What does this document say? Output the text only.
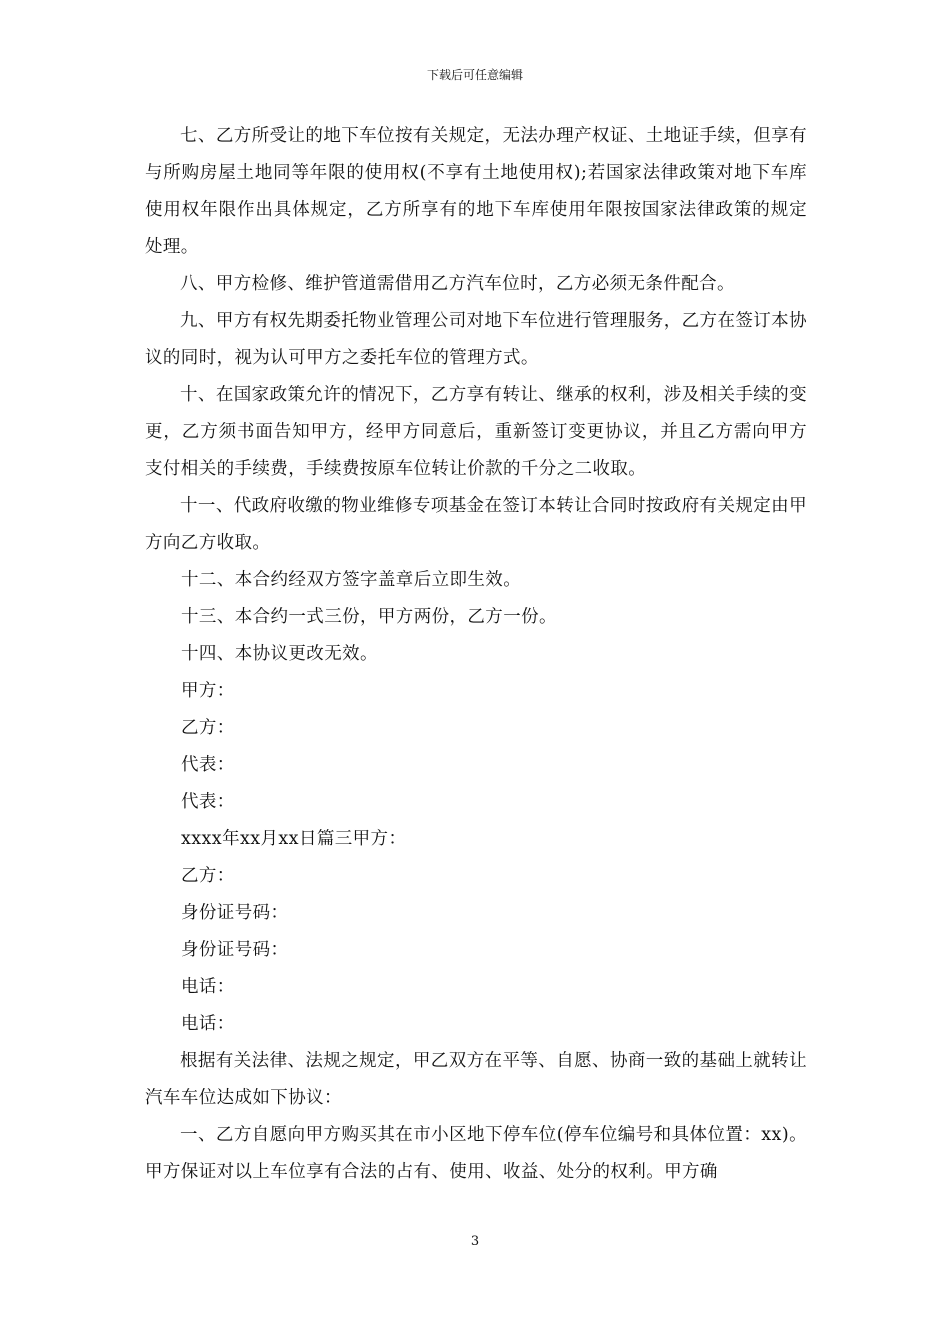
下载后可任意编辑

七、乙方所受让的地下车位按有关规定，无法办理产权证、土地证手续，但享有与所购房屋土地同等年限的使用权(不享有土地使用权);若国家法律政策对地下车库使用权年限作出具体规定，乙方所享有的地下车库使用年限按国家法律政策的规定处理。

八、甲方检修、维护管道需借用乙方汽车位时，乙方必须无条件配合。

九、甲方有权先期委托物业管理公司对地下车位进行管理服务，乙方在签订本协议的同时，视为认可甲方之委托车位的管理方式。

十、在国家政策允许的情况下，乙方享有转让、继承的权利，涉及相关手续的变更，乙方须书面告知甲方，经甲方同意后，重新签订变更协议，并且乙方需向甲方支付相关的手续费，手续费按原车位转让价款的千分之二收取。

十一、代政府收缴的物业维修专项基金在签订本转让合同时按政府有关规定由甲方向乙方收取。

十二、本合约经双方签字盖章后立即生效。

十三、本合约一式三份，甲方两份，乙方一份。

十四、本协议更改无效。

甲方：

乙方：

代表：

代表：

xxxx年xx月xx日篇三甲方：

乙方：

身份证号码：

身份证号码：

电话：

电话：

根据有关法律、法规之规定，甲乙双方在平等、自愿、协商一致的基础上就转让汽车车位达成如下协议：

一、乙方自愿向甲方购买其在市小区地下停车位(停车位编号和具体位置：xx)。甲方保证对以上车位享有合法的占有、使用、收益、处分的权利。甲方确

3
